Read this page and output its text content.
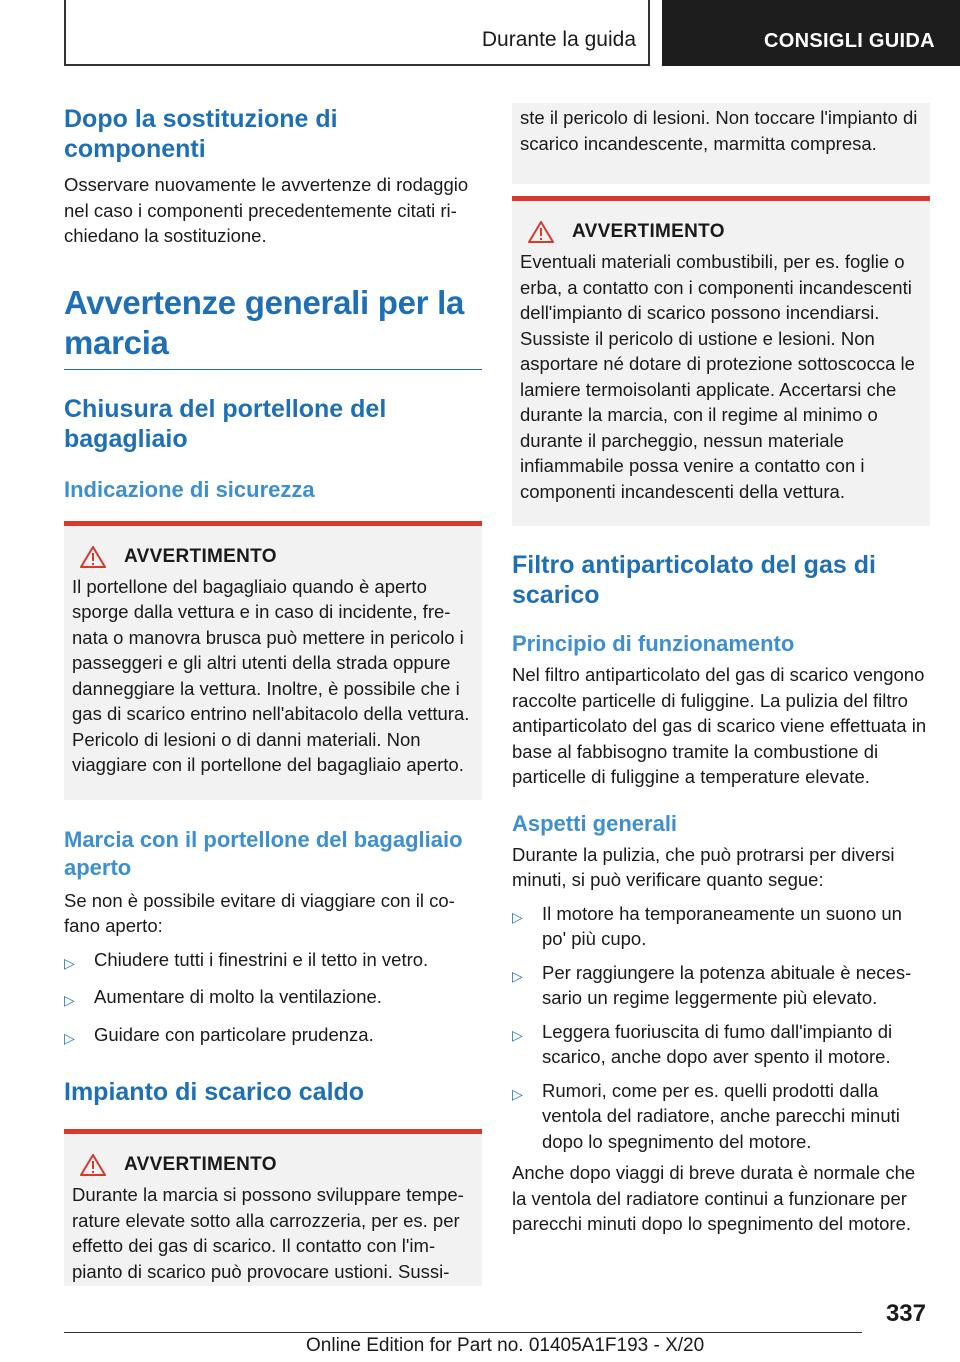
Durante la guida	CONSIGLI GUIDA
Dopo la sostituzione di componenti
Osservare nuovamente le avvertenze di rodaggio nel caso i componenti precedentemente citati richiedano la sostituzione.
Avvertenze generali per la marcia
Chiusura del portellone del bagagliaio
Indicazione di sicurezza
AVVERTIMENTO
Il portellone del bagagliaio quando è aperto sporge dalla vettura e in caso di incidente, frenata o manovra brusca può mettere in pericolo i passeggeri e gli altri utenti della strada oppure danneggiare la vettura. Inoltre, è possibile che i gas di scarico entrino nell'abitacolo della vettura. Pericolo di lesioni o di danni materiali. Non viaggiare con il portellone del bagagliaio aperto.
Marcia con il portellone del bagagliaio aperto
Se non è possibile evitare di viaggiare con il cofano aperto:
▷	Chiudere tutti i finestrini e il tetto in vetro.
▷	Aumentare di molto la ventilazione.
▷	Guidare con particolare prudenza.
Impianto di scarico caldo
AVVERTIMENTO
Durante la marcia si possono sviluppare temperature elevate sotto alla carrozzeria, per es. per effetto dei gas di scarico. Il contatto con l'impianto di scarico può provocare ustioni. Sussi-
ste il pericolo di lesioni. Non toccare l'impianto di scarico incandescente, marmitta compresa.
AVVERTIMENTO
Eventuali materiali combustibili, per es. foglie o erba, a contatto con i componenti incandescenti dell'impianto di scarico possono incendiarsi. Sussiste il pericolo di ustione e lesioni. Non asportare né dotare di protezione sottoscocca le lamiere termoisolanti applicate. Accertarsi che durante la marcia, con il regime al minimo o durante il parcheggio, nessun materiale infiammabile possa venire a contatto con i componenti incandescenti della vettura.
Filtro antiparticolato del gas di scarico
Principio di funzionamento
Nel filtro antiparticolato del gas di scarico vengono raccolte particelle di fuliggine. La pulizia del filtro antiparticolato del gas di scarico viene effettuata in base al fabbisogno tramite la combustione di particelle di fuliggine a temperature elevate.
Aspetti generali
Durante la pulizia, che può protrarsi per diversi minuti, si può verificare quanto segue:
▷	Il motore ha temporaneamente un suono un po' più cupo.
▷	Per raggiungere la potenza abituale è necessario un regime leggermente più elevato.
▷	Leggera fuoriuscita di fumo dall'impianto di scarico, anche dopo aver spento il motore.
▷	Rumori, come per es. quelli prodotti dalla ventola del radiatore, anche parecchi minuti dopo lo spegnimento del motore.
Anche dopo viaggi di breve durata è normale che la ventola del radiatore continui a funzionare per parecchi minuti dopo lo spegnimento del motore.
337
Online Edition for Part no. 01405A1F193 - X/20
